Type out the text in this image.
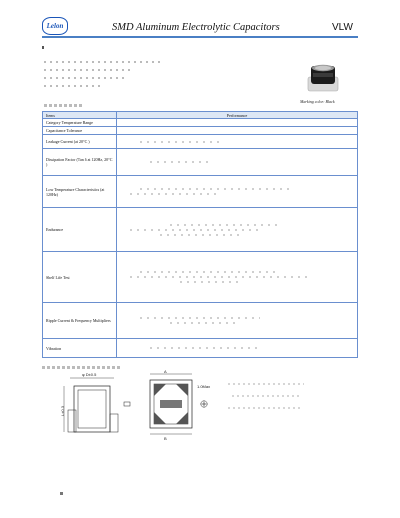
Lelon	SMD Aluminum Electrolytic Capacitors	VLW
Marking color: Black
Items	Performance
Category Temperature Range	
Capacitance Tolerance	
Leakage Current (at 20°C )	

Dissipation Factor (Tan δ at 120Hz, 20°C )	

Low Temperature Characteristics (at 120Hz)	

Endurance	

Shelf Life Test	

Ripple Current & Frequency Multipliers	

Vibration	
φ D±0.5
L±0.3
A
B
1.0Max
